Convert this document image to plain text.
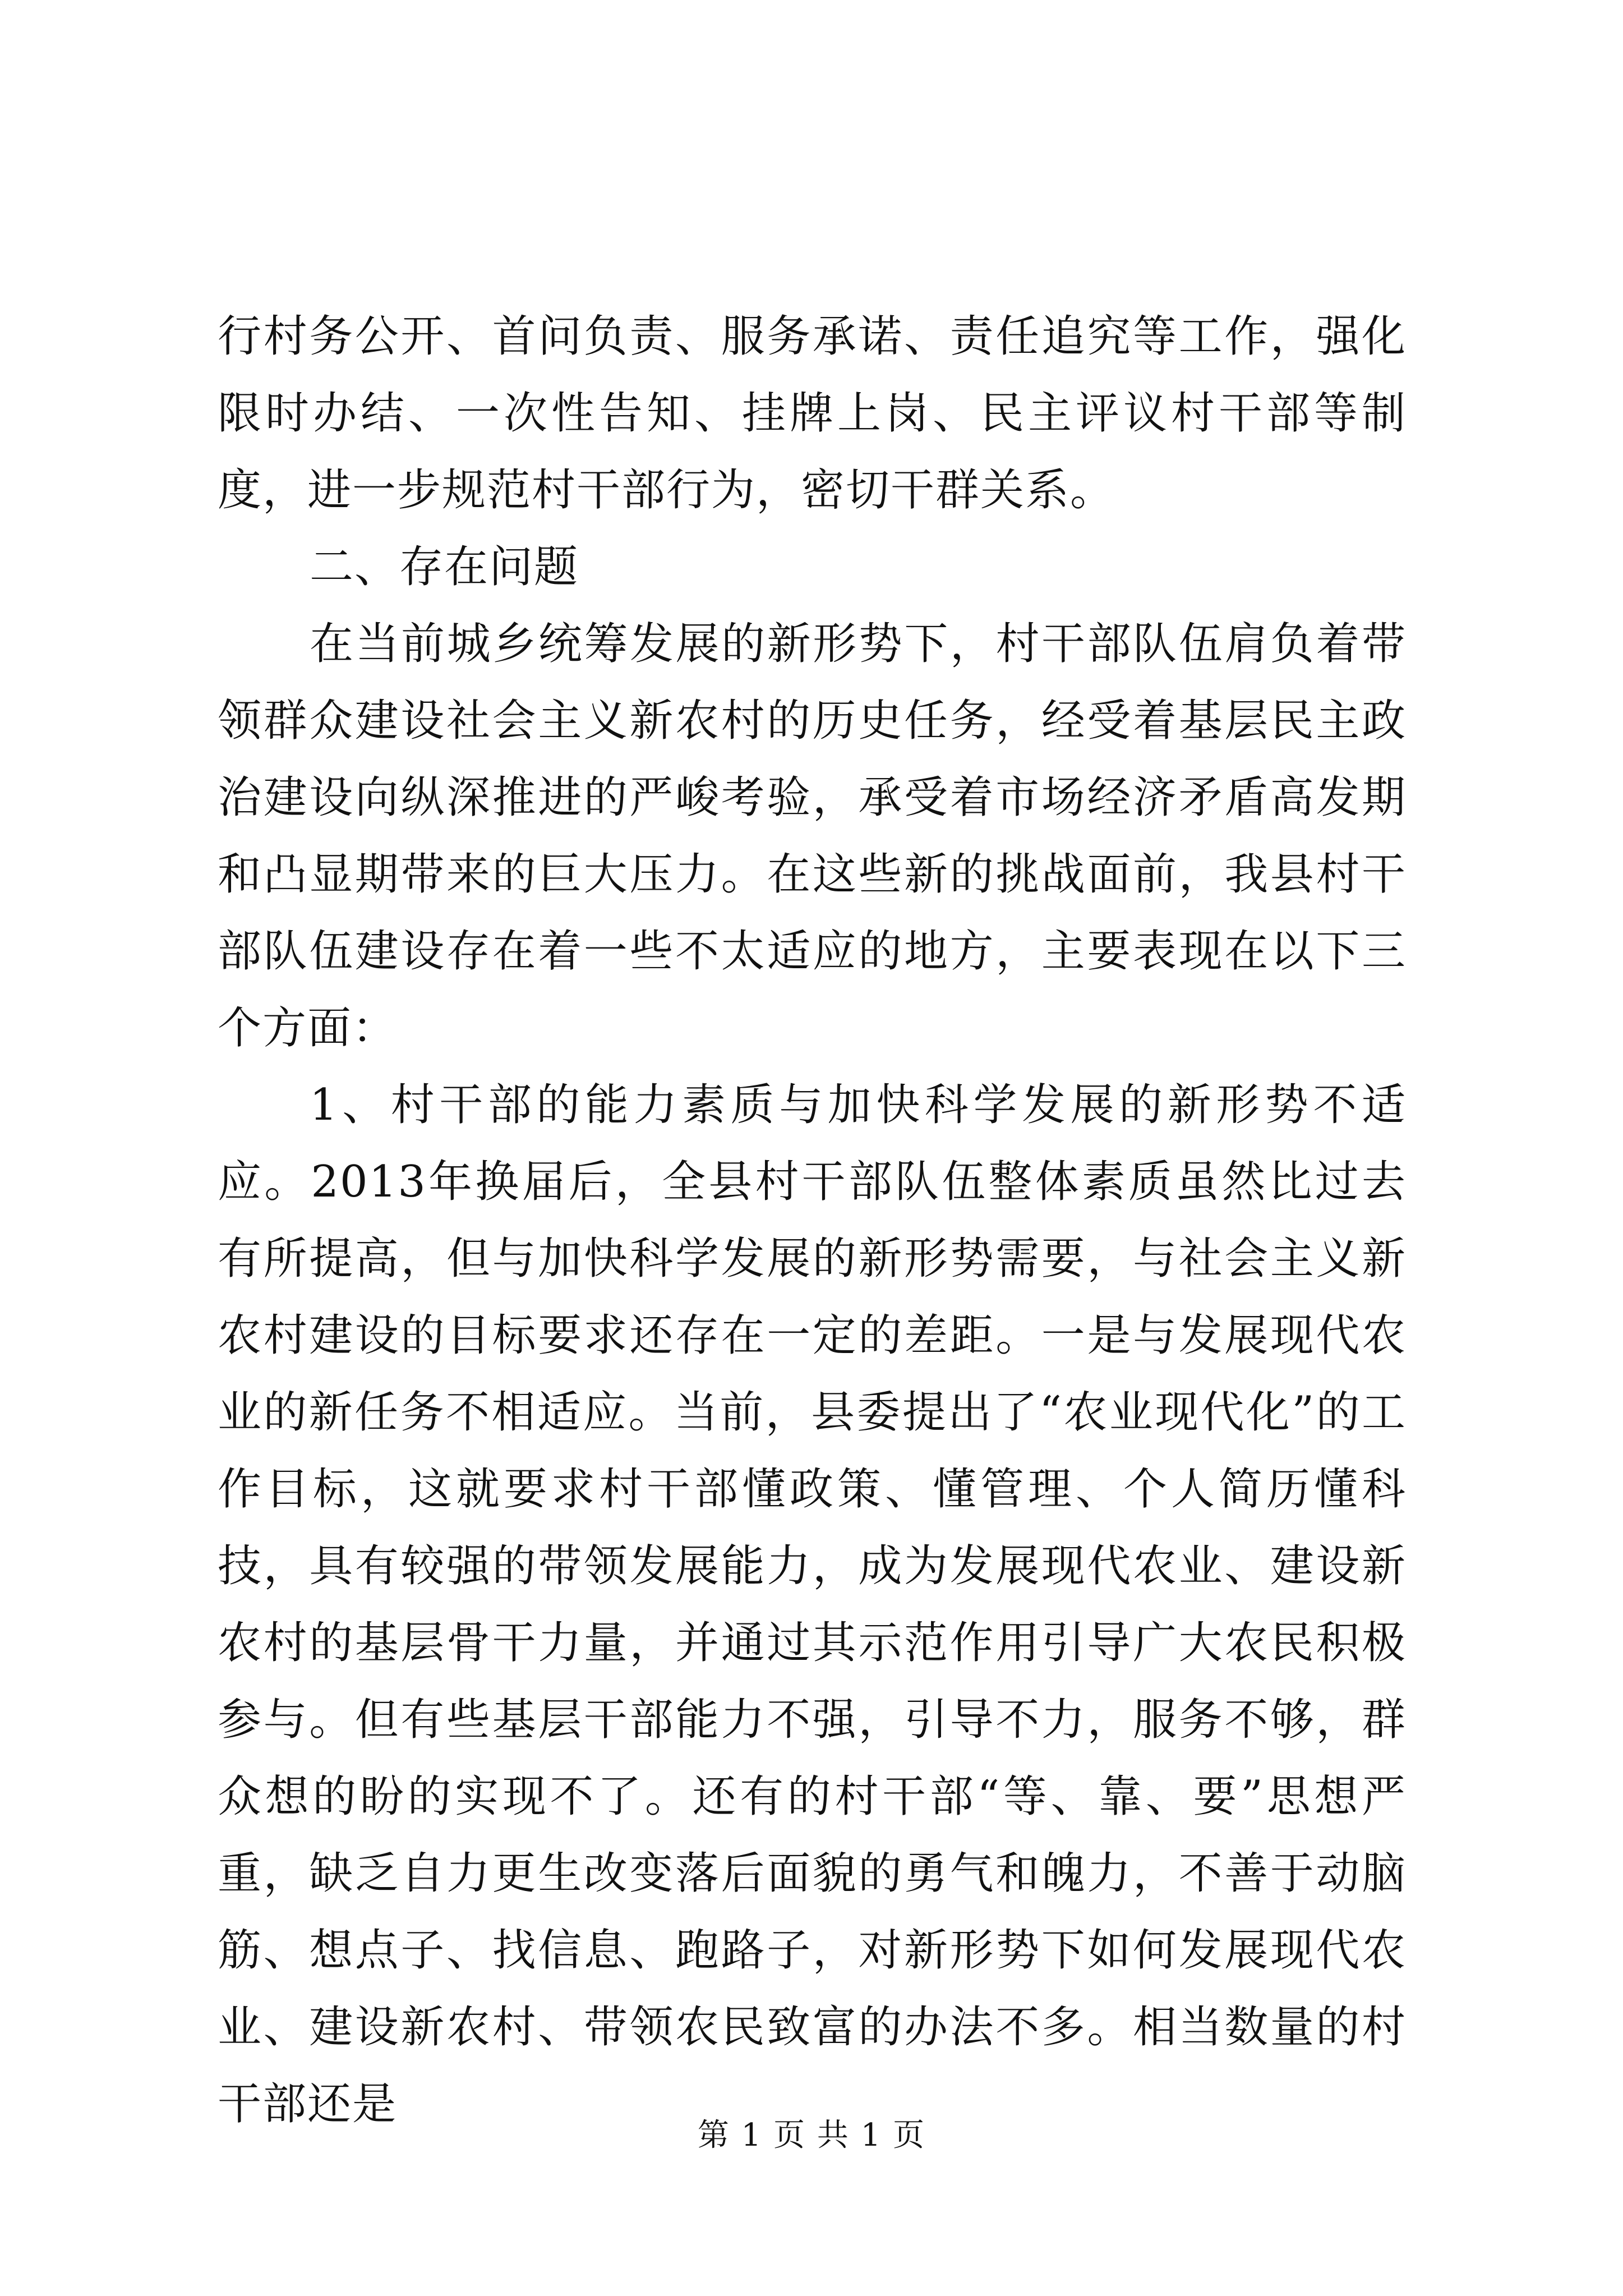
行村务公开、首问负责、服务承诺、责任追究等工作，强化限时办结、一次性告知、挂牌上岗、民主评议村干部等制度，进一步规范村干部行为，密切干群关系。

二、存在问题

在当前城乡统筹发展的新形势下，村干部队伍肩负着带领群众建设社会主义新农村的历史任务，经受着基层民主政治建设向纵深推进的严峻考验，承受着市场经济矛盾高发期和凸显期带来的巨大压力。在这些新的挑战面前，我县村干部队伍建设存在着一些不太适应的地方，主要表现在以下三个方面：

1、村干部的能力素质与加快科学发展的新形势不适应。2013年换届后，全县村干部队伍整体素质虽然比过去有所提高，但与加快科学发展的新形势需要，与社会主义新农村建设的目标要求还存在一定的差距。一是与发展现代农业的新任务不相适应。当前，县委提出了“农业现代化”的工作目标，这就要求村干部懂政策、懂管理、个人简历懂科技，具有较强的带领发展能力，成为发展现代农业、建设新农村的基层骨干力量，并通过其示范作用引导广大农民积极参与。但有些基层干部能力不强，引导不力，服务不够，群众想的盼的实现不了。还有的村干部“等、靠、要”思想严重，缺乏自力更生改变落后面貌的勇气和魄力，不善于动脑筋、想点子、找信息、跑路子，对新形势下如何发展现代农业、建设新农村、带领农民致富的办法不多。相当数量的村干部还是

第 1 页 共 1 页
